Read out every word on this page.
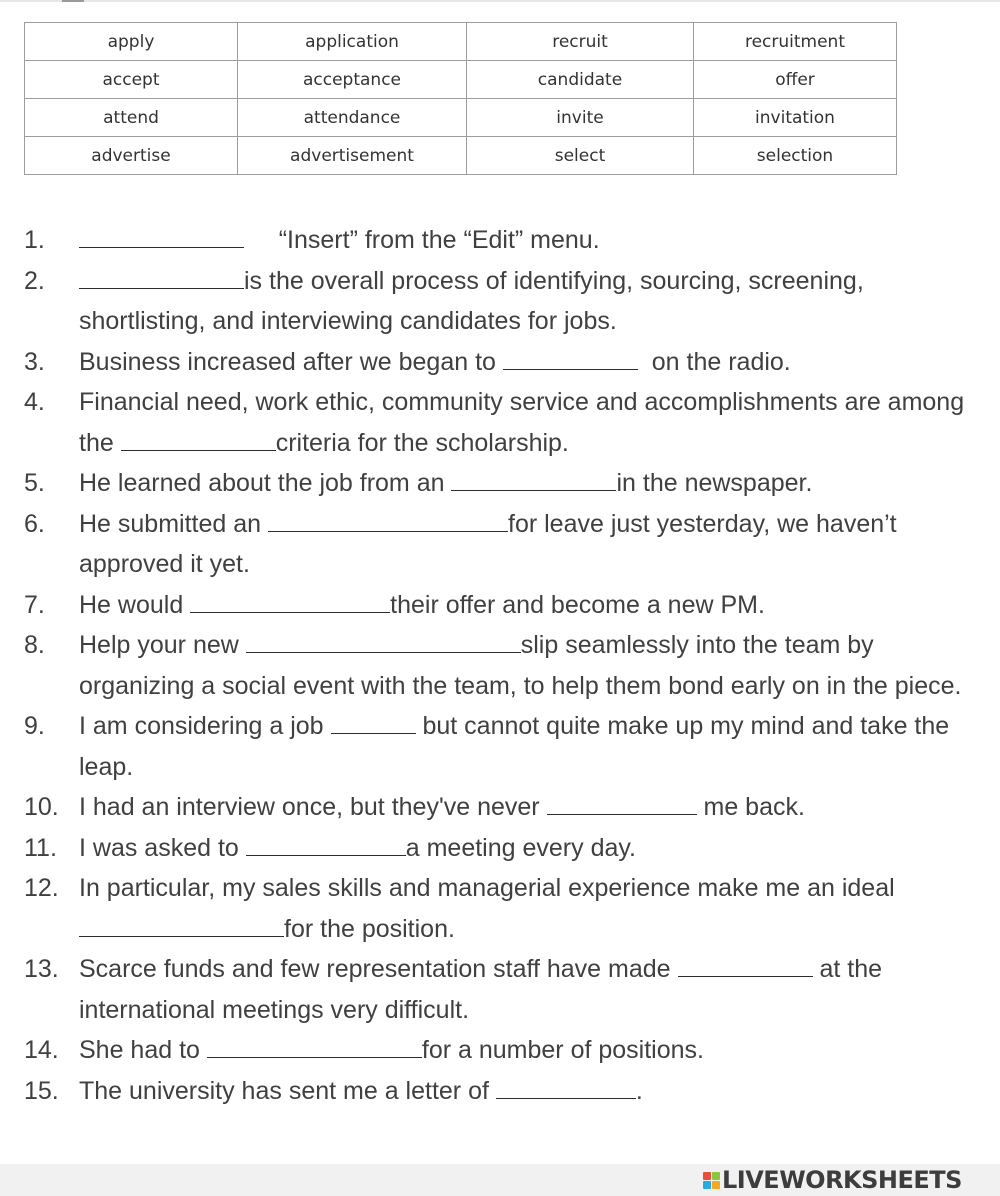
apply	application	recruit	recruitment
accept	acceptance	candidate	offer
attend	attendance	invite	invitation
advertise	advertisement	select	selection
1.	“Insert” from the “Edit” menu.
2.	is the overall process of identifying, sourcing, screening, shortlisting, and interviewing candidates for jobs.
3. Business increased after we began to	on the radio.
4. Financial need, work ethic, community service and accomplishments are among the	criteria for the scholarship.
5. He learned about the job from an	in the newspaper.
6. He submitted an	for leave just yesterday, we haven’t approved it yet.
7. He would	their offer and become a new PM.
8. Help your new	slip seamlessly into the team by organizing a social event with the team, to help them bond early on in the piece.
9. I am considering a job	but cannot quite make up my mind and take the leap.
10. I had an interview once, but they've never	me back.
11. I was asked to	a meeting every day.
12. In particular, my sales skills and managerial experience make me an ideal for the position.
13. Scarce funds and few representation staff have made	at the international meetings very difficult.
14. She had to	for a number of positions.
15. The university has sent me a letter of	.
LIVEWORKSHEETS
